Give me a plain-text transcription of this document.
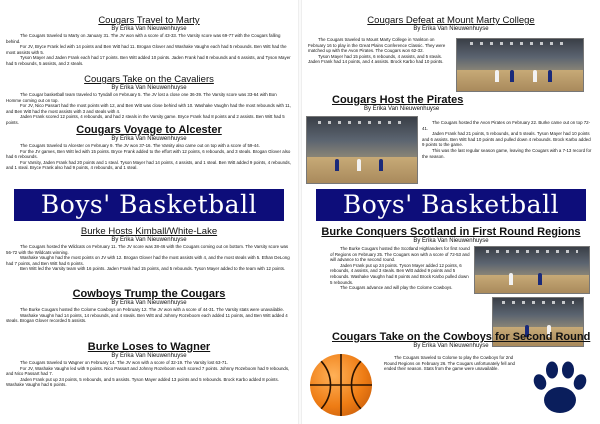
Cougars Travel to Marty
By Erika Van Nieuwenhuyse

The Cougars traveled to Marty on January 31. The JV won with a score of 43-33. The Varsity score was 69-77 with the Cougars falling behind.

For JV, Bryce Frank led with 14 points and Ben Witt had 11. Brogan Glover and Washake Vaughn each had 5 rebounds. Ben Witt had the most assists with 5.

Tyson Mayer and Jaden Frank each had 17 points. Ben Witt added 10 points. Jaden Frank had 8 rebounds and 6 assists, and Tyson Mayer had 5 rebounds, 5 assists, and 2 steals.

Cougars Take on the Cavaliers
By Erika Van Nieuwenhuyse

The Cougar basketball team traveled to Tyndall on February 5. The JV lost a close one 36-39. The Varsity score was 33-64 with Bon Homme coming out on top.

For JV, Nico Passart had the most points with 12, and Ben Witt was close behind with 10. Washake Vaughn had the most rebounds with 11, and Ben Witt had the most assists with 3 and steals with 4.

Jaden Frank scored 12 points, 4 rebounds, and had 2 steals in the Varsity game. Bryce Frank had 8 points and 2 assists. Ben Witt had 5 points.

Cougars Voyage to Alcester
By Erika Van Nieuwenhuyse

The Cougars traveled to Alcester on February 9. The JV won 37-16. The Varsity also came out on top with a score of 59-44.

For the JV games, Ben Witt led with 15 points. Bryce Frank added to the effort with 12 points, 6 rebounds, and 3 steals. Brogan Glover also had 6 rebounds.

For Varsity, Jaden Frank had 20 points and 1 steal. Tyson Mayer had 14 points, 4 assists, and 1 steal. Ben Witt added 9 points, 4 rebounds, and 1 steal. Bryce Frank also had 9 points, 4 rebounds, and 1 steal.

Boys' Basketball
Burke Hosts Kimball/White-Lake
By Erika Van Nieuwenhuyse

The Cougars hosted the Wildcats on February 11. The JV score was 38-46 with the Cougars coming out on bottom. The Varsity score was 56-72 with the Wildcats winning.

Washake Vaughn had the most points on JV with 12. Brogan Glover had the most assists with 4, and the most steals with 5. Ethan DeLong had 7 points, and Ben Witt had 6 points.

Ben Witt led the Varsity team with 16 points. Jaden Frank had 15 points, and 5 rebounds. Tyson Mayer added to the team with 12 points.

Cowboys Trump the Cougars
By Erika Van Nieuwenhuyse

The Burke Cougars hosted the Colome Cowboys on February 12. The JV won with a score of 44-31. The Varsity stats were unavailable.

Washake Vaughn had 14 points, 14 rebounds, and 4 steals. Ben Witt and Johnny Rozeboom each added 11 points, and Ben Witt added 4 steals. Brogan Glover recorded 5 assists.

Burke Loses to Wagner
By Erika Van Nieuwenhuyse

The Cougars traveled to Wagner on February 14. The JV won with a score of 32-19. The Varsity lost 63-71.

For JV, Washake Vaughn led with 9 points. Nico Passart and Johnny Rozeboom each scored 7 points. Johnny Rozeboom had 9 rebounds, and Nico Passart had 7.

Jaden Frank put up 24 points, 5 rebounds, and 5 assists. Tyson Mayer added 13 points and 5 rebounds. Brock Karbo added 8 points. Washake Vaughn had 6 points.

Cougars Defeat at Mount Marty College
By Erika Van Nieuwenhuyse

The Cougars traveled to Mount Marty College in Yankton on February 16 to play in the Great Plains Conference Classic. They were matched up with the Avon Pirates. The Cougars won 62-32.

Tyson Mayer had 15 points, 6 rebounds, 4 assists, and 5 steals. Jaden Frank had 14 points, and 4 assists. Brock Karbo had 10 points.

Cougars Host the Pirates
By Erika Van Nieuwenhuyse

The Cougars hosted the Avon Pirates on February 22. Burke came out on top 72-41.

Jaden Frank had 21 points, 5 rebounds, and 5 steals. Tyson Mayer had 10 points and 6 assists. Ben Witt had 10 points and pulled down 4 rebounds. Brock Karbo added 9 points to the game.

This was the last regular season game, leaving the Cougars with a 7-13 record for the season.

Boys' Basketball
Burke Conquers Scotland in First Round Regions
By Erika Van Nieuwenhuyse

The Burke Cougars hosted the Scotland Highlanders for first round of Regions on February 25. The Cougars won with a score of 72-53 and will advance to the second round.

Jaden Frank put up 24 points. Tyson Mayer added 12 points, 6 rebounds, 4 assists, and 3 steals. Ben Witt added 9 points and 5 rebounds. Washake Vaughn had 8 points and Brock Karbo pulled down 5 rebounds.

The Cougars advance and will play the Colome Cowboys.

Cougars Take on the Cowboys for Second Round
By Erika Van Nieuwenhuyse

The Cougars traveled to Colome to play the Cowboys for 2nd Round Regions on February 26. The Cougars unfortunately fell and ended their season. Stats from the game were unavailable.
